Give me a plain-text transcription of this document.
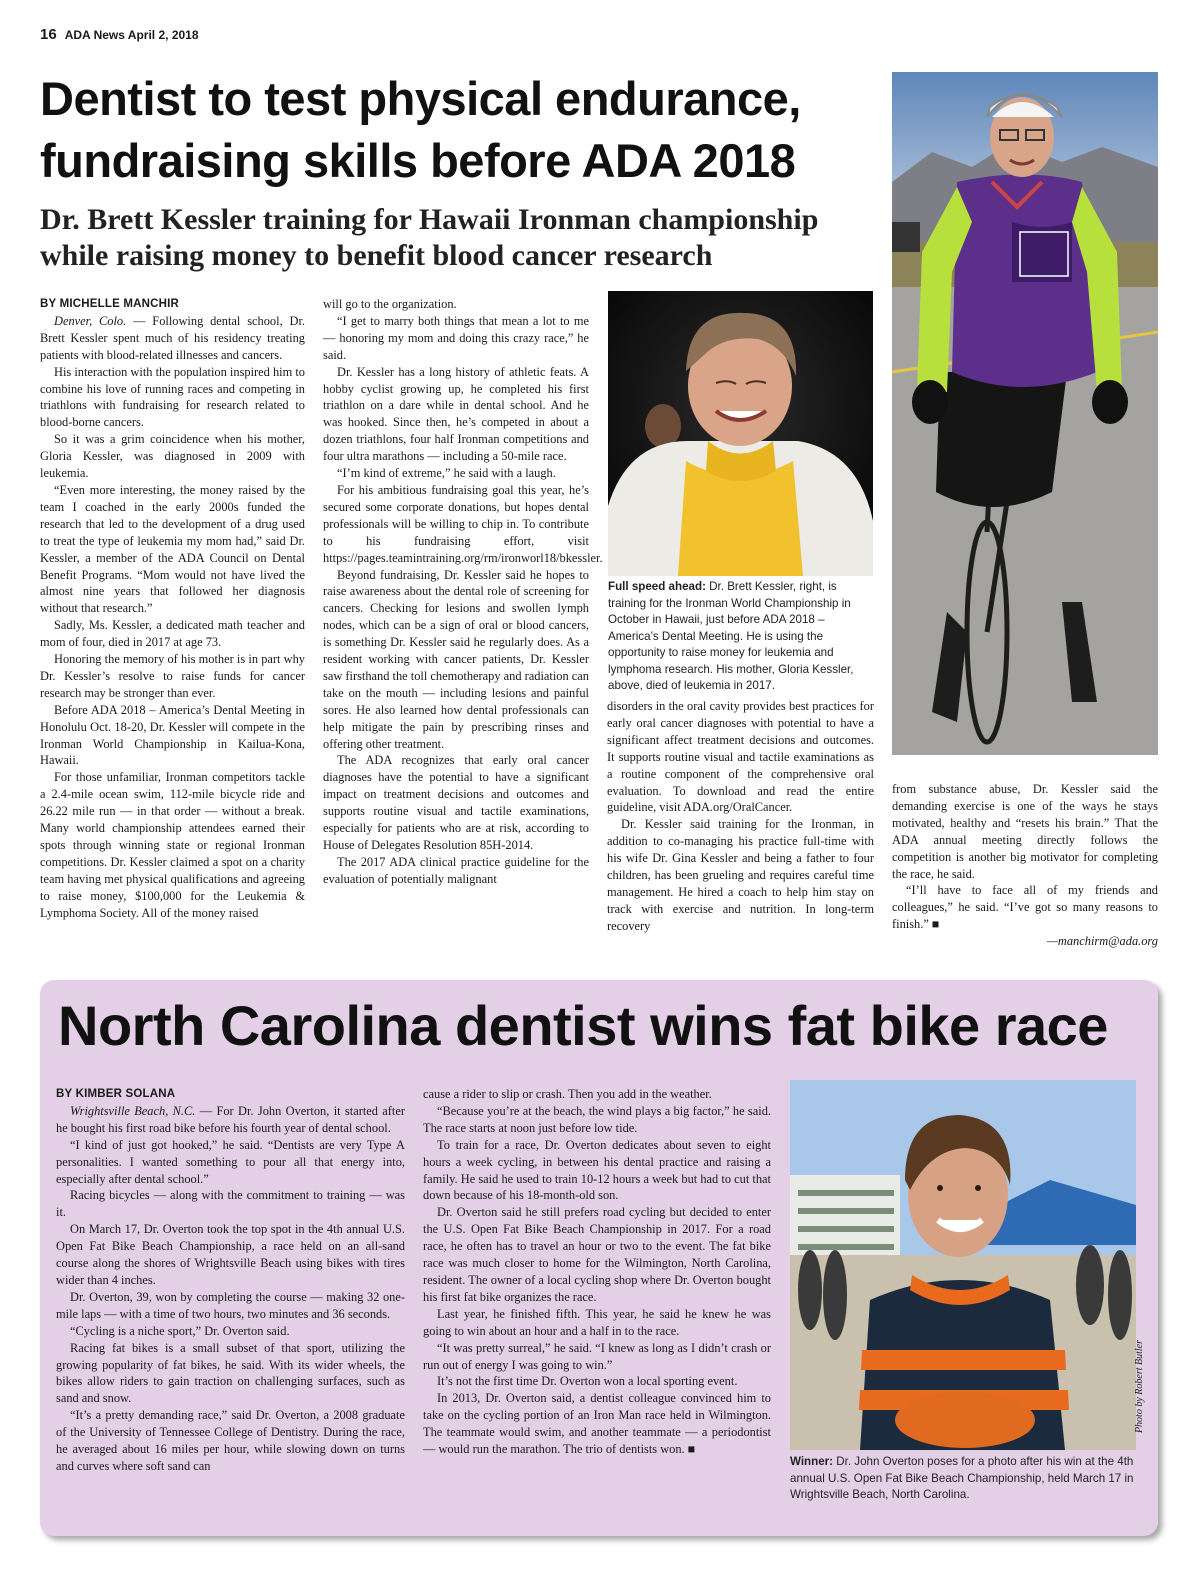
16 ADA News April 2, 2018
Dentist to test physical endurance,
fundraising skills before ADA 2018
Dr. Brett Kessler training for Hawaii Ironman championship
while raising money to benefit blood cancer research

BY MICHELLE MANCHIR

Denver, Colo. — Following dental school, Dr. Brett Kessler spent much of his residency treating patients with blood-related illnesses and cancers.

His interaction with the population inspired him to combine his love of running races and competing in triathlons with fundraising for research related to blood-borne cancers.

So it was a grim coincidence when his mother, Gloria Kessler, was diagnosed in 2009 with leukemia.

“Even more interesting, the money raised by the team I coached in the early 2000s funded the research that led to the development of a drug used to treat the type of leukemia my mom had,” said Dr. Kessler, a member of the ADA Council on Dental Benefit Programs. “Mom would not have lived the almost nine years that followed her diagnosis without that research.”

Sadly, Ms. Kessler, a dedicated math teacher and mom of four, died in 2017 at age 73.

Honoring the memory of his mother is in part why Dr. Kessler’s resolve to raise funds for cancer research may be stronger than ever.

Before ADA 2018 – America’s Dental Meeting in Honolulu Oct. 18-20, Dr. Kessler will compete in the Ironman World Championship in Kailua-Kona, Hawaii.

For those unfamiliar, Ironman competitors tackle a 2.4-mile ocean swim, 112-mile bicycle ride and 26.22 mile run — in that order — without a break. Many world championship attendees earned their spots through winning state or regional Ironman competitions. Dr. Kessler claimed a spot on a charity team having met physical qualifications and agreeing to raise money, $100,000 for the Leukemia & Lymphoma Society. All of the money raised

will go to the organization.

“I get to marry both things that mean a lot to me — honoring my mom and doing this crazy race,” he said.

Dr. Kessler has a long history of athletic feats. A hobby cyclist growing up, he completed his first triathlon on a dare while in dental school. And he was hooked. Since then, he’s competed in about a dozen triathlons, four half Ironman competitions and four ultra marathons — including a 50-mile race.

“I’m kind of extreme,” he said with a laugh.

For his ambitious fundraising goal this year, he’s secured some corporate donations, but hopes dental professionals will be willing to chip in. To contribute to his fundraising effort, visit https://pages.teamintraining.org/rm/ironworl18/bkessler.

Beyond fundraising, Dr. Kessler said he hopes to raise awareness about the dental role of screening for cancers. Checking for lesions and swollen lymph nodes, which can be a sign of oral or blood cancers, is something Dr. Kessler said he regularly does. As a resident working with cancer patients, Dr. Kessler saw firsthand the toll chemotherapy and radiation can take on the mouth — including lesions and painful sores. He also learned how dental professionals can help mitigate the pain by prescribing rinses and offering other treatment.

The ADA recognizes that early oral cancer diagnoses have the potential to have a significant impact on treatment decisions and outcomes and supports routine visual and tactile examinations, especially for patients who are at risk, according to House of Delegates Resolution 85H-2014.

The 2017 ADA clinical practice guideline for the evaluation of potentially malignant

Full speed ahead: Dr. Brett Kessler, right, is training for the Ironman World Championship in October in Hawaii, just before ADA 2018 – America’s Dental Meeting. He is using the opportunity to raise money for leukemia and lymphoma research. His mother, Gloria Kessler, above, died of leukemia in 2017.

disorders in the oral cavity provides best practices for early oral cancer diagnoses with potential to have a significant affect treatment decisions and outcomes. It supports routine visual and tactile examinations as a routine component of the comprehensive oral evaluation. To download and read the entire guideline, visit ADA.org/OralCancer.

Dr. Kessler said training for the Ironman, in addition to co-managing his practice full-time with his wife Dr. Gina Kessler and being a father to four children, has been grueling and requires careful time management. He hired a coach to help him stay on track with exercise and nutrition. In long-term recovery

from substance abuse, Dr. Kessler said the demanding exercise is one of the ways he stays motivated, healthy and “resets his brain.” That the ADA annual meeting directly follows the competition is another big motivator for completing the race, he said.

“I’ll have to face all of my friends and colleagues,” he said. “I’ve got so many reasons to finish.” ■

—manchirm@ada.org

North Carolina dentist wins fat bike race

BY KIMBER SOLANA

Wrightsville Beach, N.C. — For Dr. John Overton, it started after he bought his first road bike before his fourth year of dental school.

“I kind of just got hooked,” he said. “Dentists are very Type A personalities. I wanted something to pour all that energy into, especially after dental school.”

Racing bicycles — along with the commitment to training — was it.

On March 17, Dr. Overton took the top spot in the 4th annual U.S. Open Fat Bike Beach Championship, a race held on an all-sand course along the shores of Wrightsville Beach using bikes with tires wider than 4 inches.

Dr. Overton, 39, won by completing the course — making 32 one-mile laps — with a time of two hours, two minutes and 36 seconds.

“Cycling is a niche sport,” Dr. Overton said.

Racing fat bikes is a small subset of that sport, utilizing the growing popularity of fat bikes, he said. With its wider wheels, the bikes allow riders to gain traction on challenging surfaces, such as sand and snow.

“It’s a pretty demanding race,” said Dr. Overton, a 2008 graduate of the University of Tennessee College of Dentistry. During the race, he averaged about 16 miles per hour, while slowing down on turns and curves where soft sand can

cause a rider to slip or crash. Then you add in the weather.

“Because you’re at the beach, the wind plays a big factor,” he said. The race starts at noon just before low tide.

To train for a race, Dr. Overton dedicates about seven to eight hours a week cycling, in between his dental practice and raising a family. He said he used to train 10-12 hours a week but had to cut that down because of his 18-month-old son.

Dr. Overton said he still prefers road cycling but decided to enter the U.S. Open Fat Bike Beach Championship in 2017. For a road race, he often has to travel an hour or two to the event. The fat bike race was much closer to home for the Wilmington, North Carolina, resident. The owner of a local cycling shop where Dr. Overton bought his first fat bike organizes the race.

Last year, he finished fifth. This year, he said he knew he was going to win about an hour and a half in to the race.

“It was pretty surreal,” he said. “I knew as long as I didn’t crash or run out of energy I was going to win.”

It’s not the first time Dr. Overton won a local sporting event.

In 2013, Dr. Overton said, a dentist colleague convinced him to take on the cycling portion of an Iron Man race held in Wilmington. The teammate would swim, and another teammate — a periodontist — would run the marathon. The trio of dentists won. ■

Photo by Robert Butler
Winner: Dr. John Overton poses for a photo after his win at the 4th annual U.S. Open Fat Bike Beach Championship, held March 17 in Wrightsville Beach, North Carolina.
